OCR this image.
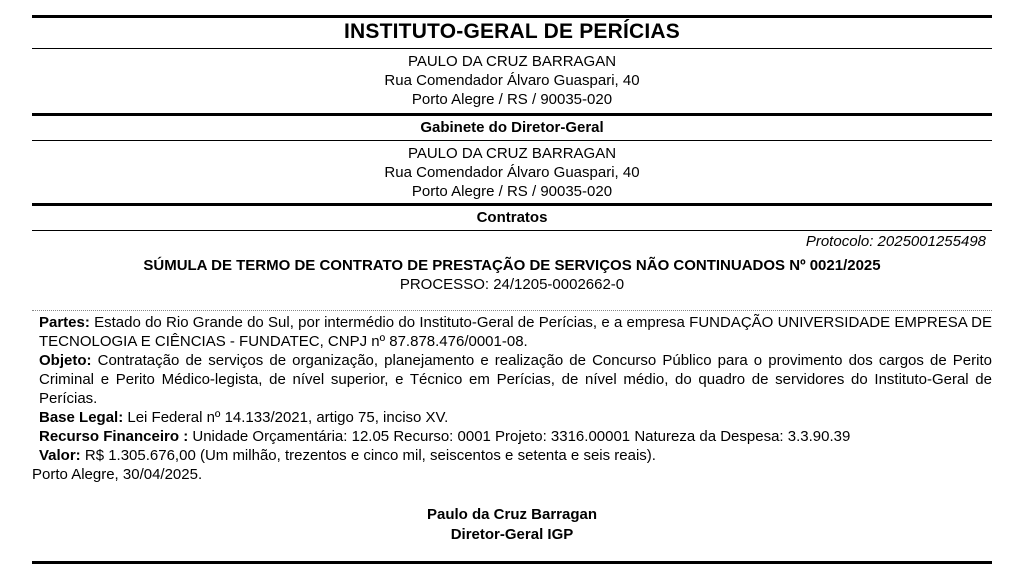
INSTITUTO-GERAL DE PERÍCIAS
PAULO DA CRUZ BARRAGAN
Rua Comendador Álvaro Guaspari, 40
Porto Alegre / RS / 90035-020
Gabinete do Diretor-Geral
PAULO DA CRUZ BARRAGAN
Rua Comendador Álvaro Guaspari, 40
Porto Alegre / RS / 90035-020
Contratos
Protocolo: 2025001255498
SÚMULA DE TERMO DE CONTRATO DE PRESTAÇÃO DE SERVIÇOS NÃO CONTINUADOS Nº 0021/2025
PROCESSO: 24/1205-0002662-0

Partes: Estado do Rio Grande do Sul, por intermédio do Instituto-Geral de Perícias, e a empresa FUNDAÇÃO UNIVERSIDADE EMPRESA DE TECNOLOGIA E CIÊNCIAS - FUNDATEC, CNPJ nº 87.878.476/0001-08.

Objeto: Contratação de serviços de organização, planejamento e realização de Concurso Público para o provimento dos cargos de Perito Criminal e Perito Médico-legista, de nível superior, e Técnico em Perícias, de nível médio, do quadro de servidores do Instituto-Geral de Perícias.

Base Legal: Lei Federal nº 14.133/2021, artigo 75, inciso XV.

Recurso Financeiro : Unidade Orçamentária: 12.05 Recurso: 0001 Projeto: 3316.00001 Natureza da Despesa: 3.3.90.39

Valor: R$ 1.305.676,00 (Um milhão, trezentos e cinco mil, seiscentos e setenta e seis reais).

Porto Alegre, 30/04/2025.

Paulo da Cruz Barragan
Diretor-Geral IGP
